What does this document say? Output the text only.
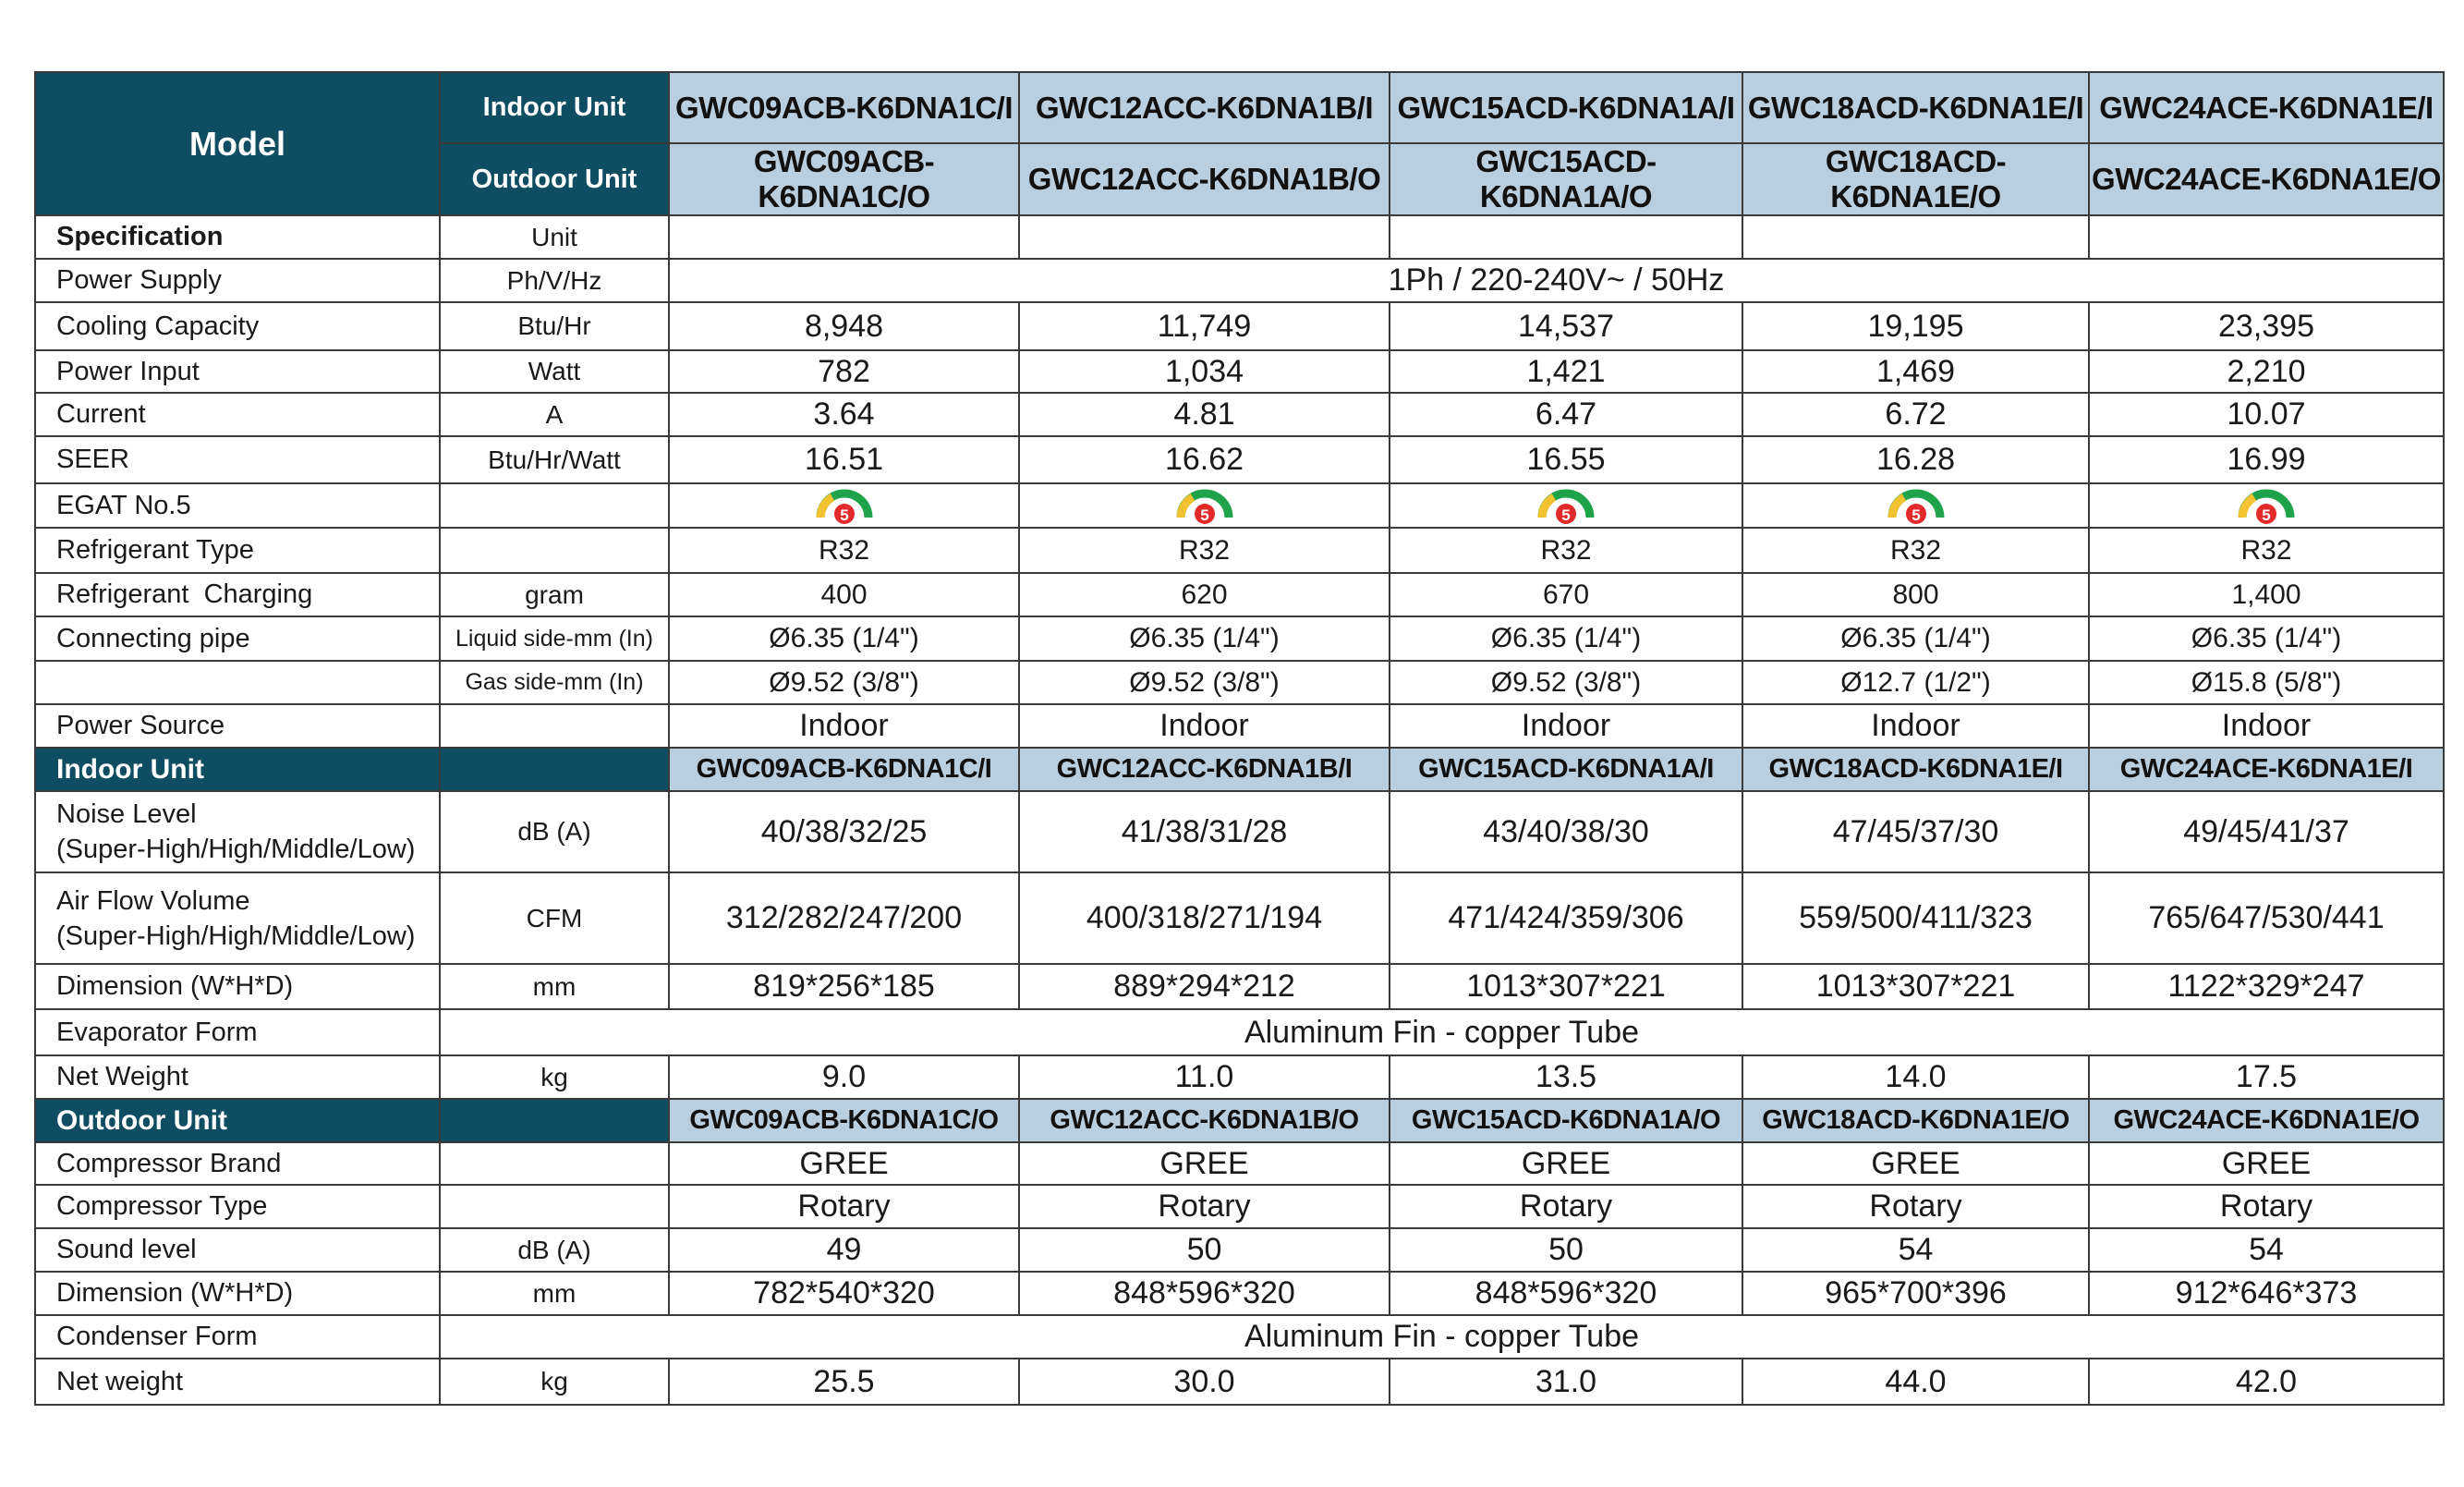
Model	Indoor Unit	GWC09ACB-K6DNA1C/I	GWC12ACC-K6DNA1B/I	GWC15ACD-K6DNA1A/I	GWC18ACD-K6DNA1E/I	GWC24ACE-K6DNA1E/I
	Outdoor Unit	GWC09ACB-K6DNA1C/O	GWC12ACC-K6DNA1B/O	GWC15ACD-K6DNA1A/O	GWC18ACD-K6DNA1E/O	GWC24ACE-K6DNA1E/O
Specification	Unit					
Power Supply	Ph/V/Hz	1Ph / 220-240V~ / 50Hz				
Cooling Capacity	Btu/Hr	8,948	11,749	14,537	19,195	23,395
Power Input	Watt	782	1,034	1,421	1,469	2,210
Current	A	3.64	4.81	6.47	6.72	10.07
SEER	Btu/Hr/Watt	16.51	16.62	16.55	16.28	16.99
EGAT No.5		5	5	5	5	5

Refrigerant Type		R32	R32	R32	R32	R32
Refrigerant  Charging	gram	400	620	670	800	1,400
Connecting pipe	Liquid side-mm (In)	Ø6.35 (1/4")	Ø6.35 (1/4")	Ø6.35 (1/4")	Ø6.35 (1/4")	Ø6.35 (1/4")
	Gas side-mm (In)	Ø9.52 (3/8")	Ø9.52 (3/8")	Ø9.52 (3/8")	Ø12.7 (1/2")	Ø15.8 (5/8")
Power Source		Indoor	Indoor	Indoor	Indoor	Indoor
Indoor Unit		GWC09ACB-K6DNA1C/I	GWC12ACC-K6DNA1B/I	GWC15ACD-K6DNA1A/I	GWC18ACD-K6DNA1E/I	GWC24ACE-K6DNA1E/I

Noise Level
(Super-High/High/Middle/Low)	dB (A)	40/38/32/25	41/38/31/28	43/40/38/30	47/45/37/30	49/45/41/37

Air Flow Volume
(Super-High/High/Middle/Low)	CFM	312/282/247/200	400/318/271/194	471/424/359/306	559/500/411/323	765/647/530/441
Dimension (W*H*D)	mm	819*256*185	889*294*212	1013*307*221	1013*307*221	1122*329*247
Evaporator Form	Aluminum Fin - copper Tube					
Net Weight	kg	9.0	11.0	13.5	14.0	17.5
Outdoor Unit		GWC09ACB-K6DNA1C/O	GWC12ACC-K6DNA1B/O	GWC15ACD-K6DNA1A/O	GWC18ACD-K6DNA1E/O	GWC24ACE-K6DNA1E/O
Compressor Brand		GREE	GREE	GREE	GREE	GREE
Compressor Type		Rotary	Rotary	Rotary	Rotary	Rotary
Sound level	dB (A)	49	50	50	54	54
Dimension (W*H*D)	mm	782*540*320	848*596*320	848*596*320	965*700*396	912*646*373
Condenser Form	Aluminum Fin - copper Tube					
Net weight	kg	25.5	30.0	31.0	44.0	42.0
